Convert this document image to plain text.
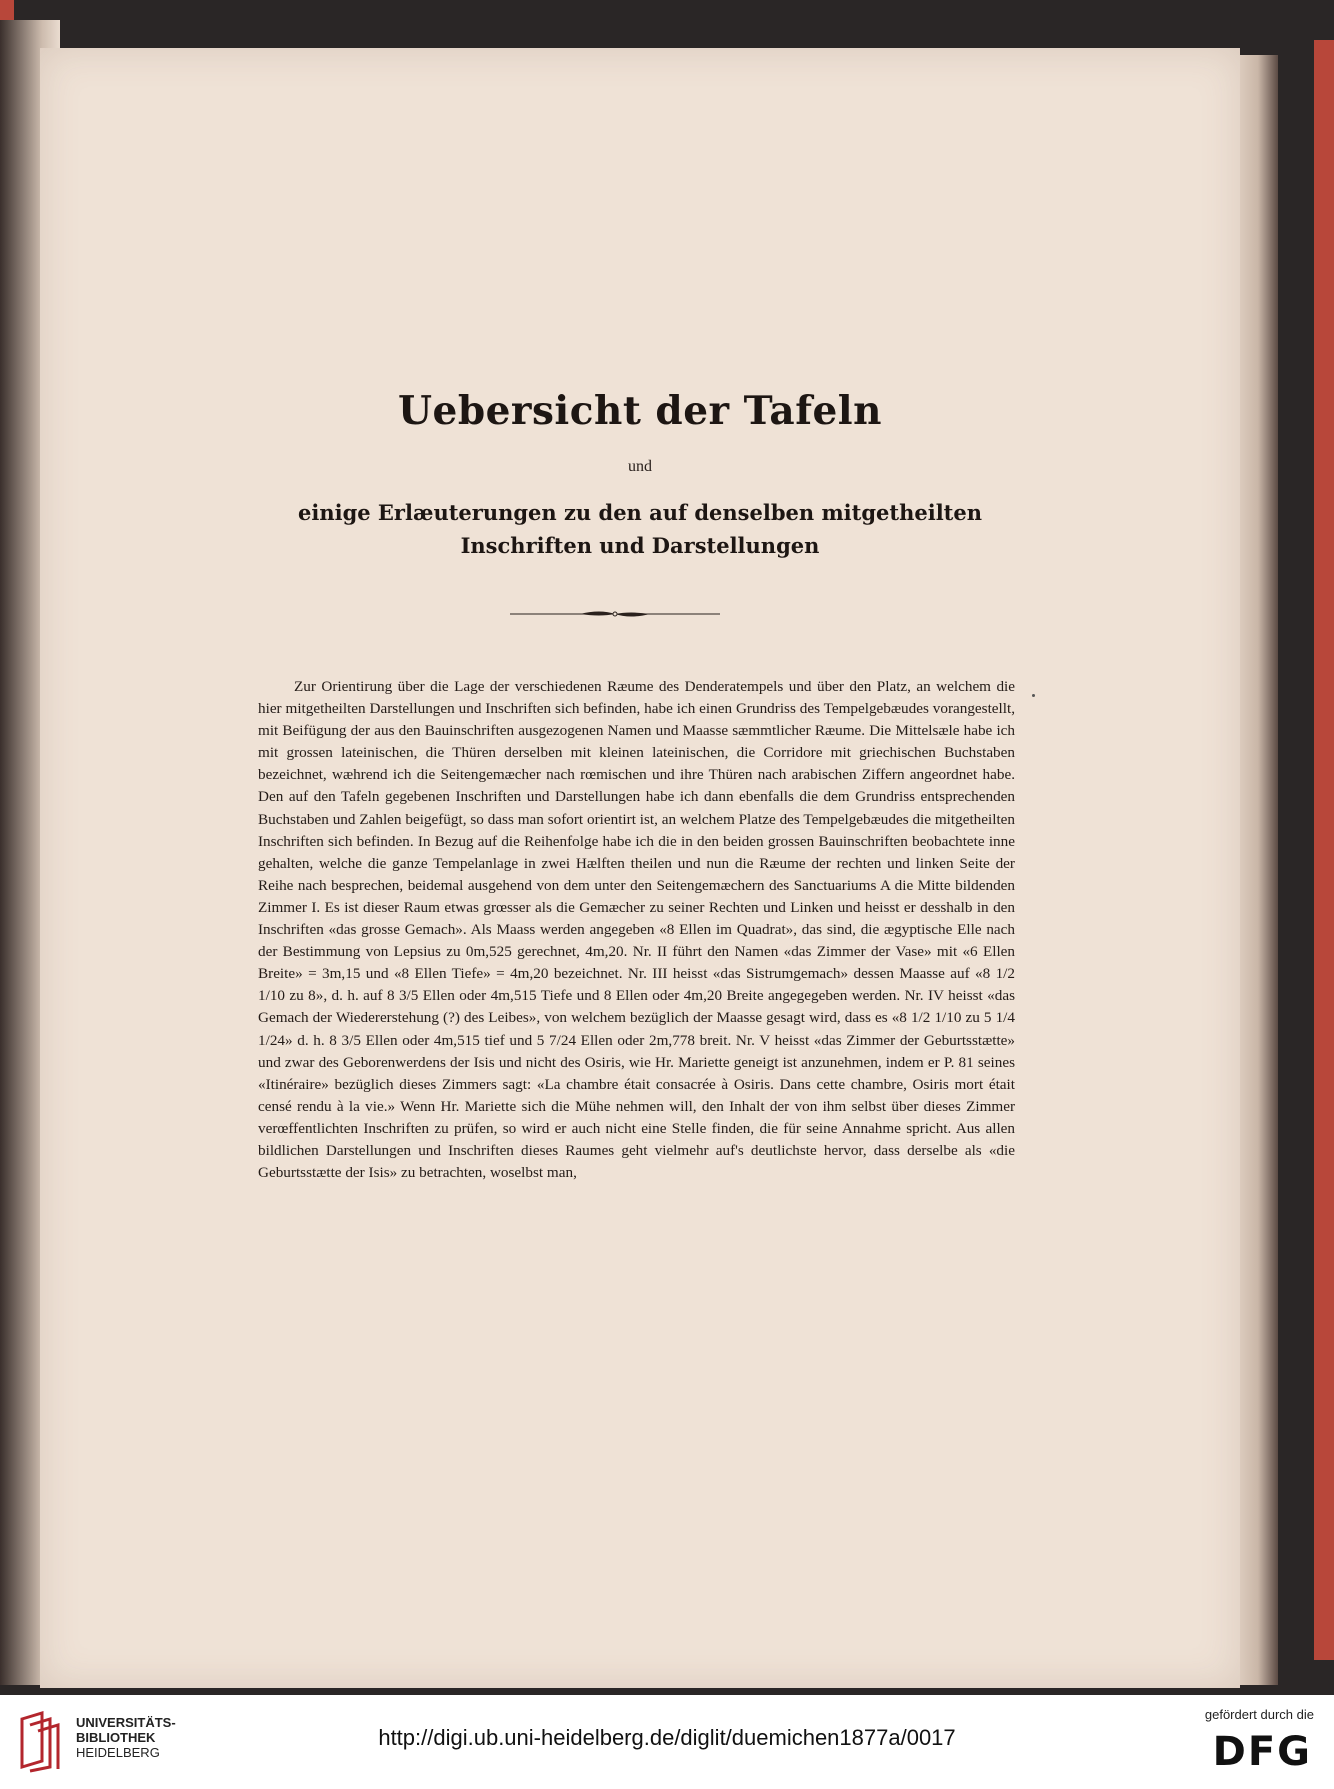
Uebersicht der Tafeln
und
einige Erlæuterungen zu den auf denselben mitgetheilten
Inschriften und Darstellungen
Zur Orientirung über die Lage der verschiedenen Ræume des Denderatempels und über den Platz, an welchem die hier mitgetheilten Darstellungen und Inschriften sich befinden, habe ich einen Grundriss des Tempelgebæudes vorangestellt, mit Beifügung der aus den Bauinschriften ausgezogenen Namen und Maasse sæmmtlicher Ræume. Die Mittelsæle habe ich mit grossen lateinischen, die Thüren derselben mit kleinen lateinischen, die Corridore mit griechischen Buchstaben bezeichnet, wæhrend ich die Seitengemæcher nach rœmischen und ihre Thüren nach arabischen Ziffern angeordnet habe. Den auf den Tafeln gegebenen Inschriften und Darstellungen habe ich dann ebenfalls die dem Grundriss entsprechenden Buchstaben und Zahlen beigefügt, so dass man sofort orientirt ist, an welchem Platze des Tempelgebæudes die mitgetheilten Inschriften sich befinden. In Bezug auf die Reihenfolge habe ich die in den beiden grossen Bauinschriften beobachtete inne gehalten, welche die ganze Tempelanlage in zwei Hælften theilen und nun die Ræume der rechten und linken Seite der Reihe nach besprechen, beidemal ausgehend von dem unter den Seitengemæchern des Sanctuariums A die Mitte bildenden Zimmer I. Es ist dieser Raum etwas grœsser als die Gemæcher zu seiner Rechten und Linken und heisst er desshalb in den Inschriften «das grosse Gemach». Als Maass werden angegeben «8 Ellen im Quadrat», das sind, die ægyptische Elle nach der Bestimmung von Lepsius zu 0m,525 gerechnet, 4m,20. Nr. II führt den Namen «das Zimmer der Vase» mit «6 Ellen Breite» = 3m,15 und «8 Ellen Tiefe» = 4m,20 bezeichnet. Nr. III heisst «das Sistrumgemach» dessen Maasse auf «8 1/2 1/10 zu 8», d. h. auf 8 3/5 Ellen oder 4m,515 Tiefe und 8 Ellen oder 4m,20 Breite angegegeben werden. Nr. IV heisst «das Gemach der Wiedererstehung (?) des Leibes», von welchem bezüglich der Maasse gesagt wird, dass es «8 1/2 1/10 zu 5 1/4 1/24» d. h. 8 3/5 Ellen oder 4m,515 tief und 5 7/24 Ellen oder 2m,778 breit. Nr. V heisst «das Zimmer der Geburtsstætte» und zwar des Geborenwerdens der Isis und nicht des Osiris, wie Hr. Mariette geneigt ist anzunehmen, indem er P. 81 seines «Itinéraire» bezüglich dieses Zimmers sagt: «La chambre était consacrée à Osiris. Dans cette chambre, Osiris mort était censé rendu à la vie.» Wenn Hr. Mariette sich die Mühe nehmen will, den Inhalt der von ihm selbst über dieses Zimmer verœffentlichten Inschriften zu prüfen, so wird er auch nicht eine Stelle finden, die für seine Annahme spricht. Aus allen bildlichen Darstellungen und Inschriften dieses Raumes geht vielmehr auf's deutlichste hervor, dass derselbe als «die Geburtsstætte der Isis» zu betrachten, woselbst man,
UNIVERSITÄTS-
BIBLIOTHEK
HEIDELBERG
http://digi.ub.uni-heidelberg.de/diglit/duemichen1877a/0017
gefördert durch die
DFG
